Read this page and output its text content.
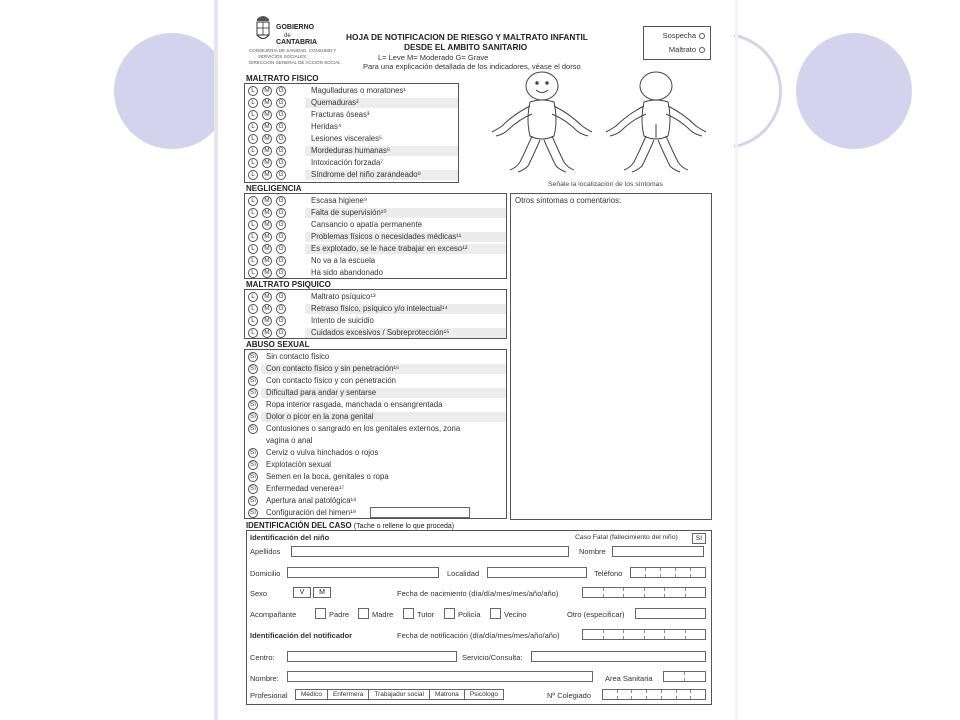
GOBIERNO
de
CANTABRIA
CONSEJERIA DE SANIDAD, CONSUMO Y
SERVICIOS SOCIALES
DIRECCION GENERAL DE ACCION SOCIAL
HOJA DE NOTIFICACION DE RIESGO Y MALTRATO INFANTIL
DESDE EL AMBITO SANITARIO
L= Leve M= Moderado G= Grave
Para una explicación detallada de los indicadores, véase el dorso
Sospecha
Maltrato
MALTRATO FISICO
L	M	G	Magulladuras o moratones¹
L	M	G	Quemaduras²
L	M	G	Fracturas óseas³
L	M	G	Heridas⁴
L	M	G	Lesiones viscerales⁵
L	M	G	Mordeduras humanas⁶
L	M	G	Intoxicación forzada⁷
L	M	G	Síndrome del niño zarandeado⁸
NEGLIGENCIA
L	M	G	Escasa higiene⁹
L	M	G	Falta de supervisión¹⁰
L	M	G	Cansancio o apatía permanente
L	M	G	Problemas físicos o necesidades médicas¹¹
L	M	G	Es explotado, se le hace trabajar en exceso¹²
L	M	G	No va a la escuela
L	M	G	Ha sido abandonado
MALTRATO PSIQUICO
L	M	G	Maltrato psíquico¹³
L	M	G	Retraso físico, psíquico y/o intelectual¹⁴
L	M	G	Intento de suicidio
L	M	G	Cuidados excesivos / Sobreprotección¹⁵
ABUSO SEXUAL
Sí Sin contacto físico
Sí Con contacto físico y sin penetración¹⁶
Sí Con contacto físico y con penetración
Sí Dificultad para andar y sentarse
Sí Ropa interior rasgada, manchada o ensangrentada
Sí Dolor o picor en la zona genital
Sí Contusiones o sangrado en los genitales externos, zona
vagina o anal
Sí Cerviz o vulva hinchados o rojos
Sí Explotación sexual
Sí Semen en la boca, genitales o ropa
Sí Enfermedad venerea¹⁷
Sí Apertura anal patológica¹⁸
Sí Configuración del himen¹⁹
Señale la localización de los síntomas
Otros síntomas o comentarios:
IDENTIFICACIÓN DEL CASO (Tache o rellene lo que proceda)
Identificación del niño	Caso Fatal (fallecimiento del niño)	SI
Apellidos	Nombre
Domicilio	Localidad	Teléfono
Sexo	V	M	Fecha de nacimiento (día/día/mes/mes/año/año)
Acompañante	Padre	Madre	Tutor	Policía	Vecino	Otro (especificar)
Identificación del notificador	Fecha de notificación (día/día/mes/mes/año/año)
Centro:	Servicio/Consulta:
Nombre:	Area Sanitaria
Profesional	Médico	Enfermera	Trabajador social	Matrona	Psicólogo	Nº Colegiado
